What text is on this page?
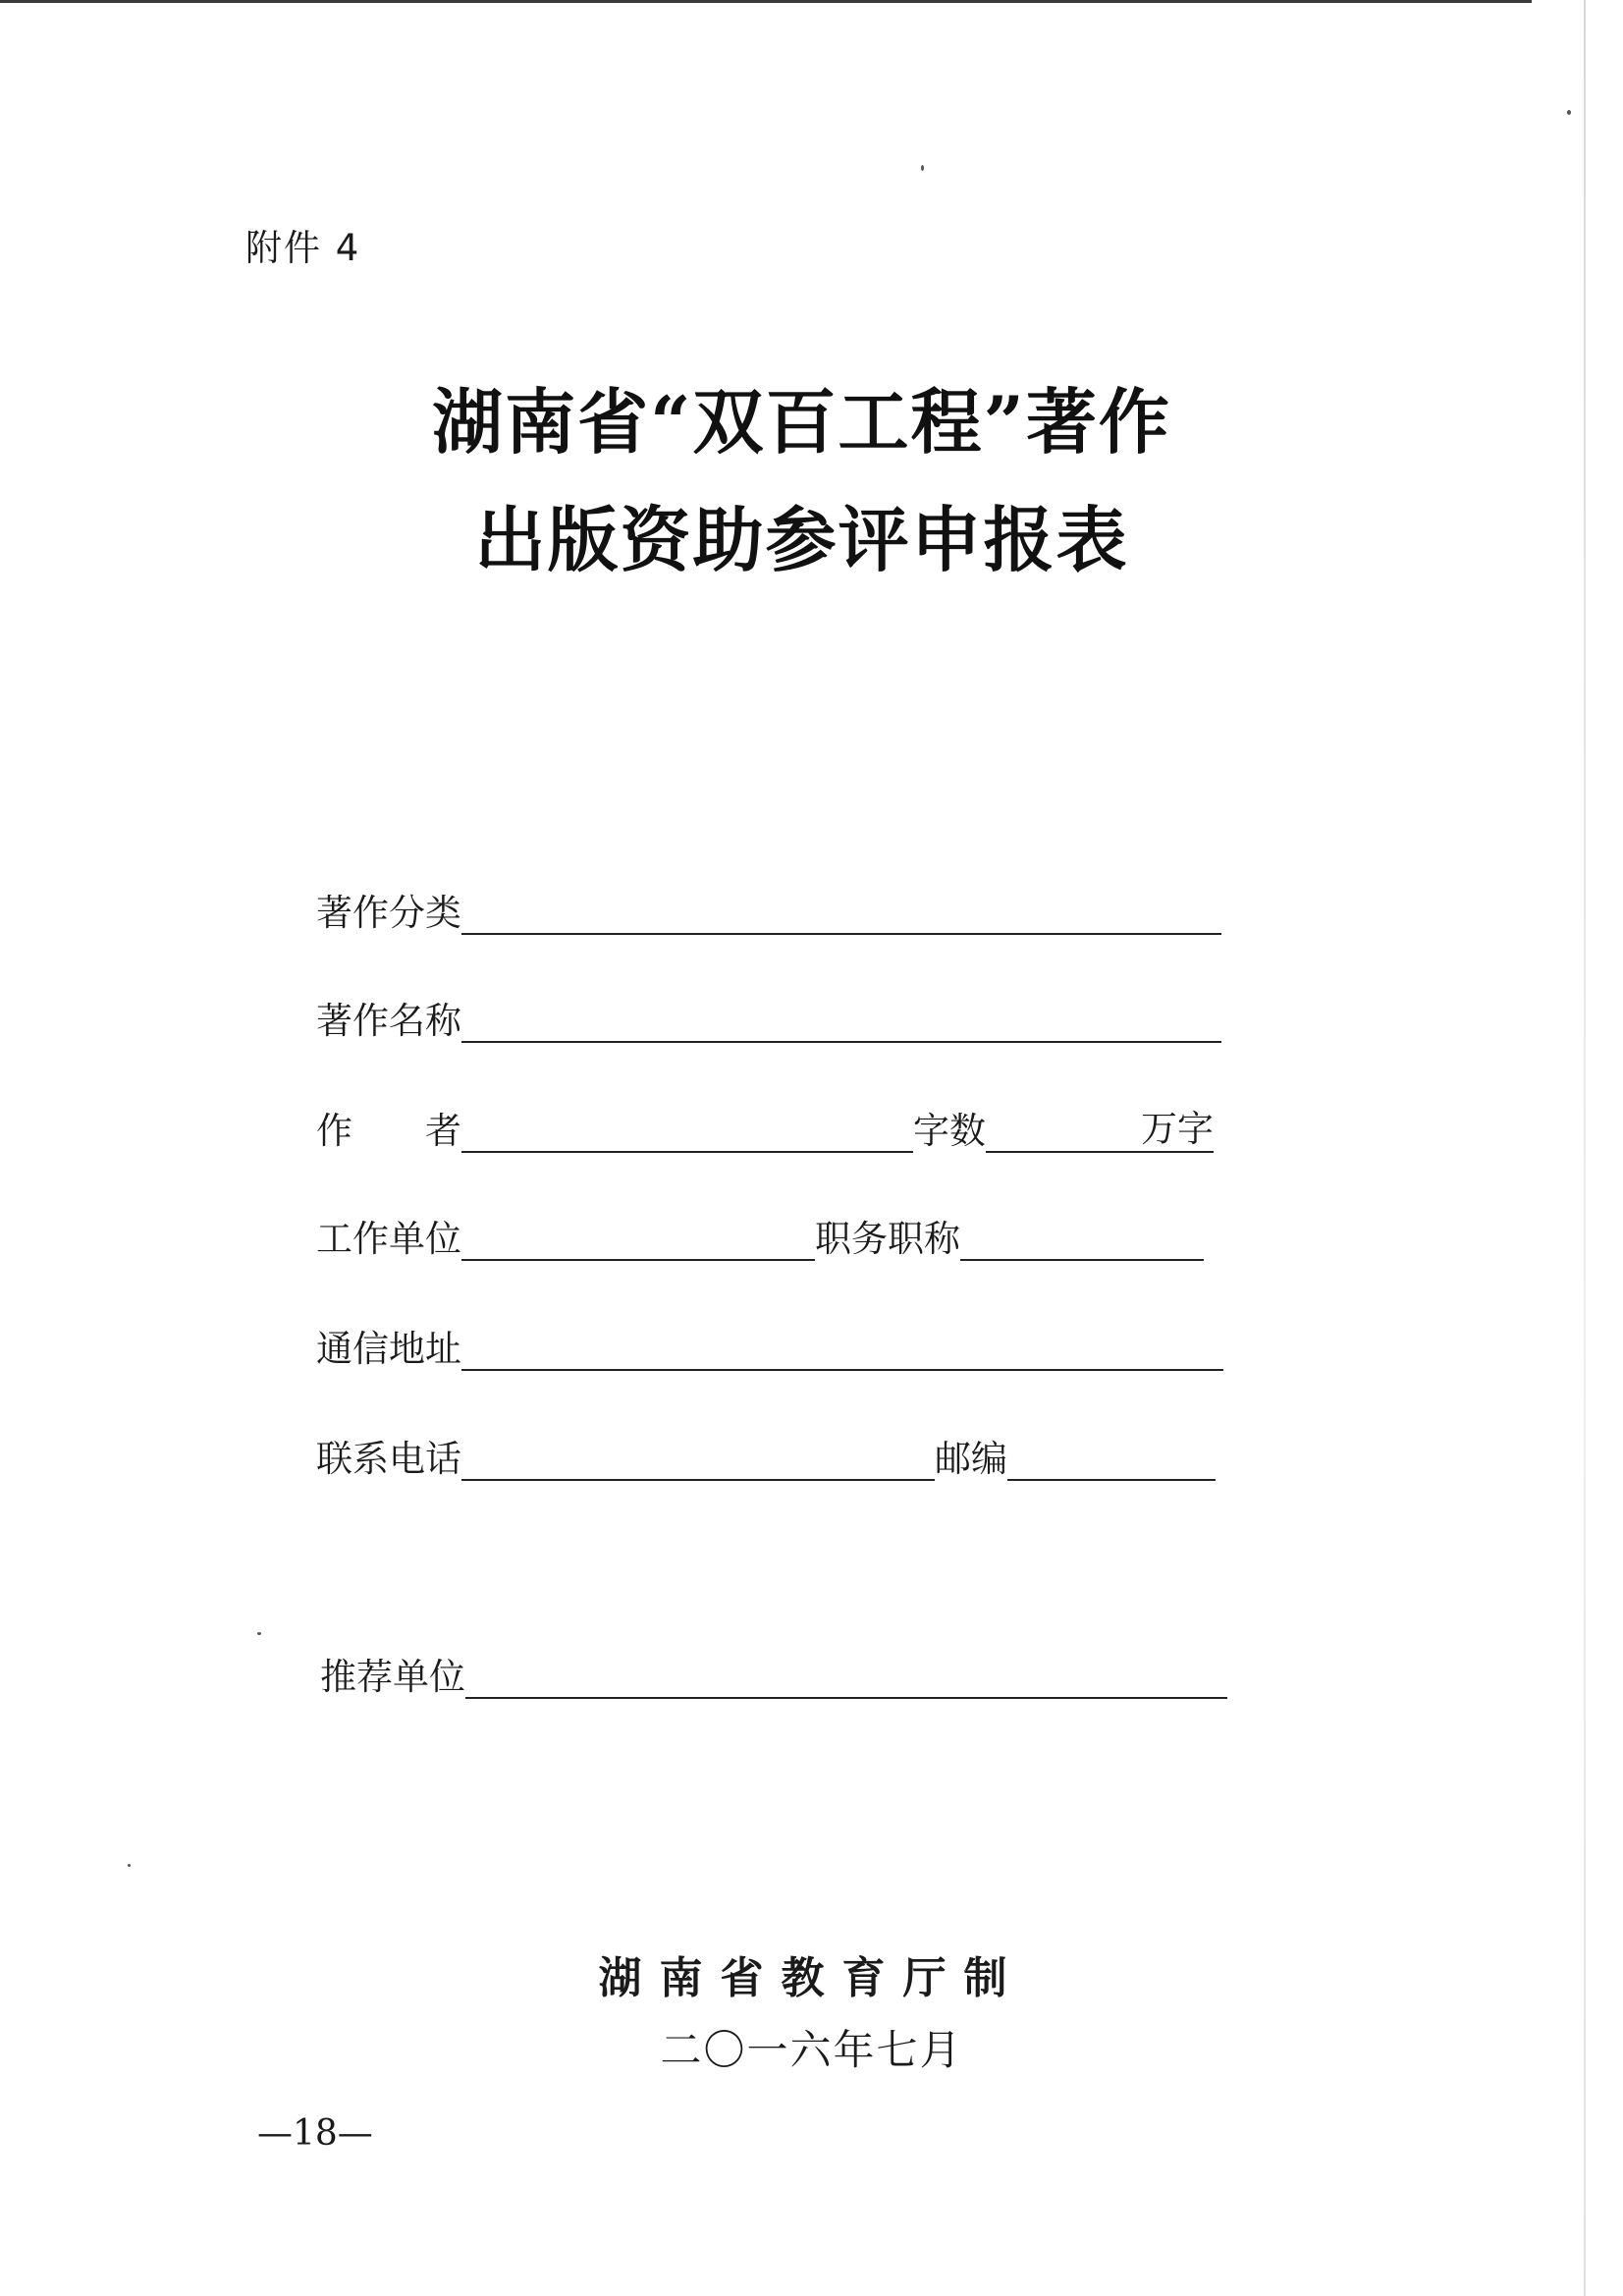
附件 4
湖南省“双百工程”著作
出版资助参评申报表
著作分类
著作名称
作　　者	字数	万字
工作单位	职务职称
通信地址
联系电话	邮编
推荐单位
湖南省教育厅制
二〇一六年七月
—18—
